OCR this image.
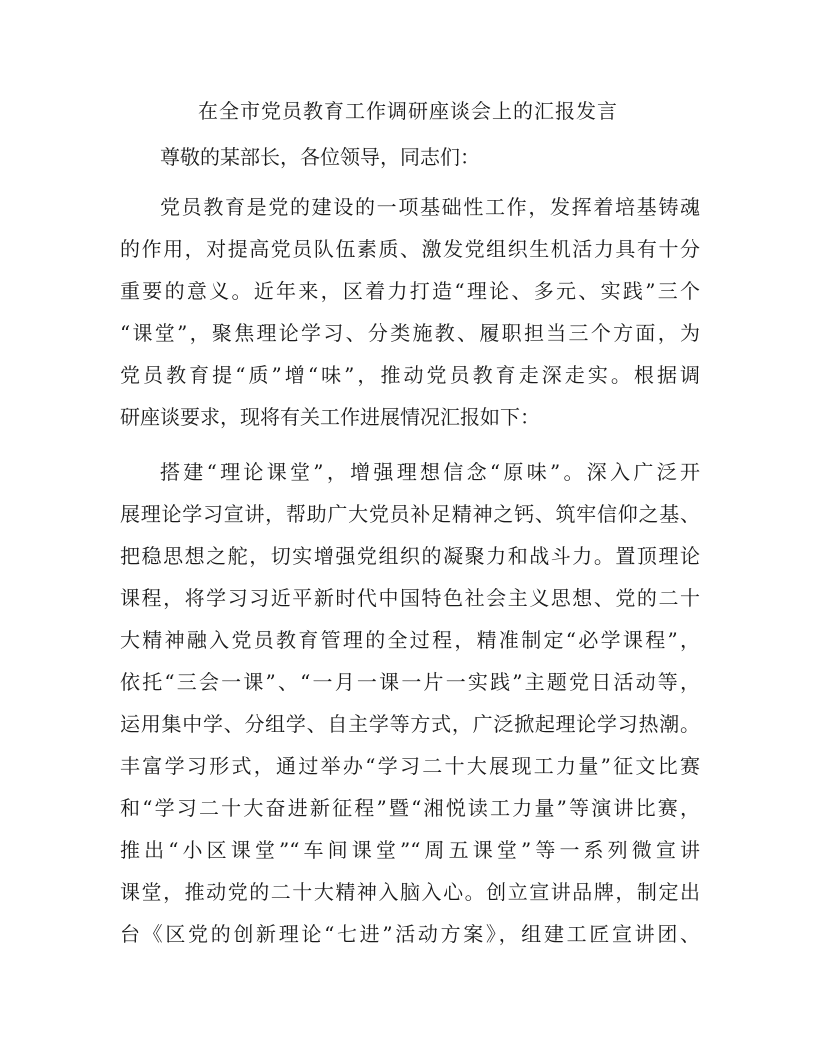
在全市党员教育工作调研座谈会上的汇报发言
尊敬的某部长，各位领导，同志们：
党员教育是党的建设的一项基础性工作，发挥着培基铸魂
的作用，对提高党员队伍素质、激发党组织生机活力具有十分
重要的意义。近年来，区着力打造“理论、多元、实践”三个
“课堂”，聚焦理论学习、分类施教、履职担当三个方面，为
党员教育提“质”增“味”，推动党员教育走深走实。根据调
研座谈要求，现将有关工作进展情况汇报如下：
搭建“理论课堂”，增强理想信念“原味”。深入广泛开
展理论学习宣讲，帮助广大党员补足精神之钙、筑牢信仰之基、
把稳思想之舵，切实增强党组织的凝聚力和战斗力。置顶理论
课程，将学习习近平新时代中国特色社会主义思想、党的二十
大精神融入党员教育管理的全过程，精准制定“必学课程”，
依托“三会一课”、“一月一课一片一实践”主题党日活动等，
运用集中学、分组学、自主学等方式，广泛掀起理论学习热潮。
丰富学习形式，通过举办“学习二十大展现工力量”征文比赛
和“学习二十大奋进新征程”暨“湘悦读工力量”等演讲比赛，
推出“小区课堂”“车间课堂”“周五课堂”等一系列微宣讲
课堂，推动党的二十大精神入脑入心。创立宣讲品牌，制定出
台《区党的创新理论“七进”活动方案》，组建工匠宣讲团、
